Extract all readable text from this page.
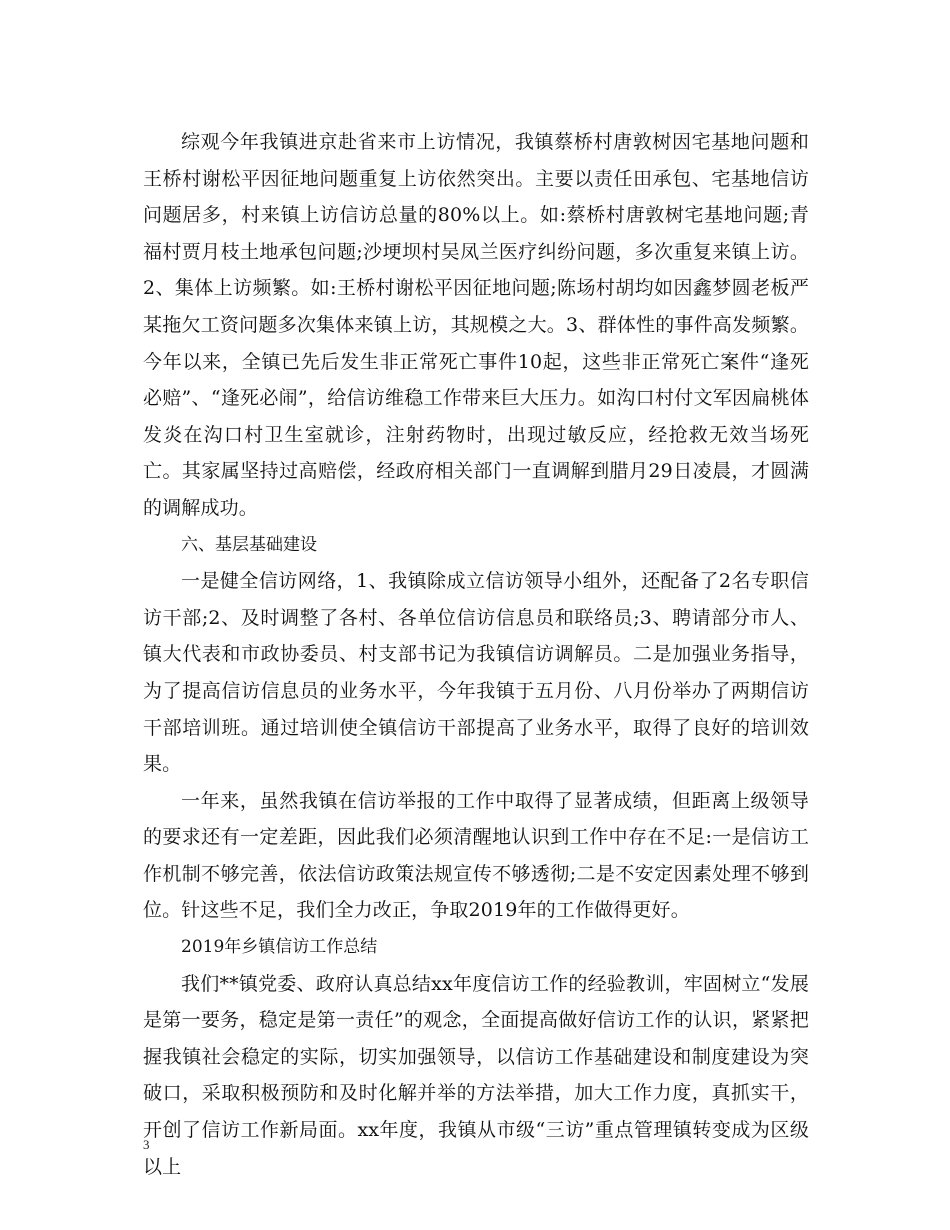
综观今年我镇进京赴省来市上访情况，我镇蔡桥村唐敦树因宅基地问题和王桥村谢松平因征地问题重复上访依然突出。主要以责任田承包、宅基地信访问题居多，村来镇上访信访总量的80%以上。如:蔡桥村唐敦树宅基地问题;青福村贾月枝土地承包问题;沙埂坝村吴凤兰医疗纠纷问题，多次重复来镇上访。2、集体上访频繁。如:王桥村谢松平因征地问题;陈场村胡均如因鑫梦圆老板严某拖欠工资问题多次集体来镇上访，其规模之大。3、群体性的事件高发频繁。今年以来，全镇已先后发生非正常死亡事件10起，这些非正常死亡案件“逢死必赔”、“逢死必闹”，给信访维稳工作带来巨大压力。如沟口村付文军因扁桃体发炎在沟口村卫生室就诊，注射药物时，出现过敏反应，经抢救无效当场死亡。其家属坚持过高赔偿，经政府相关部门一直调解到腊月29日凌晨，才圆满的调解成功。

六、基层基础建设

一是健全信访网络，1、我镇除成立信访领导小组外，还配备了2名专职信访干部;2、及时调整了各村、各单位信访信息员和联络员;3、聘请部分市人、镇大代表和市政协委员、村支部书记为我镇信访调解员。二是加强业务指导，为了提高信访信息员的业务水平，今年我镇于五月份、八月份举办了两期信访干部培训班。通过培训使全镇信访干部提高了业务水平，取得了良好的培训效果。

一年来，虽然我镇在信访举报的工作中取得了显著成绩，但距离上级领导的要求还有一定差距，因此我们必须清醒地认识到工作中存在不足:一是信访工作机制不够完善，依法信访政策法规宣传不够透彻;二是不安定因素处理不够到位。针这些不足，我们全力改正，争取2019年的工作做得更好。

2019年乡镇信访工作总结

我们**镇党委、政府认真总结xx年度信访工作的经验教训，牢固树立“发展是第一要务，稳定是第一责任”的观念，全面提高做好信访工作的认识，紧紧把握我镇社会稳定的实际，切实加强领导，以信访工作基础建设和制度建设为突破口，采取积极预防和及时化解并举的方法举措，加大工作力度，真抓实干，开创了信访工作新局面。xx年度，我镇从市级“三访”重点管理镇转变成为区级以上

3
